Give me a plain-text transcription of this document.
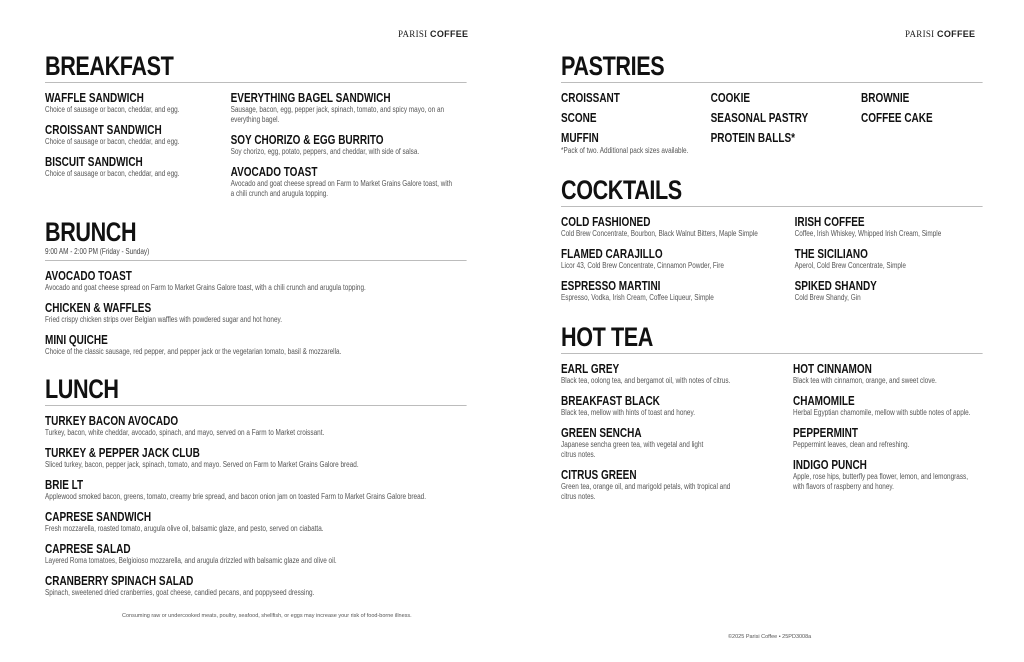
PARISI COFFEE	PARISI COFFEE
BREAKFAST
WAFFLE SANDWICH
Choice of sausage or bacon, cheddar, and egg.
CROISSANT SANDWICH
Choice of sausage or bacon, cheddar, and egg.
BISCUIT SANDWICH
Choice of sausage or bacon, cheddar, and egg.
EVERYTHING BAGEL SANDWICH
Sausage, bacon, egg, pepper jack, spinach, tomato, and spicy mayo, on an
everything bagel.
SOY CHORIZO & EGG BURRITO
Soy chorizo, egg, potato, peppers, and cheddar, with side of salsa.
AVOCADO TOAST
Avocado and goat cheese spread on Farm to Market Grains Galore toast, with
a chili crunch and arugula topping.
BRUNCH
9:00 AM - 2:00 PM (Friday - Sunday)
AVOCADO TOAST
Avocado and goat cheese spread on Farm to Market Grains Galore toast, with a chili crunch and arugula topping.
CHICKEN & WAFFLES
Fried crispy chicken strips over Belgian waffles with powdered sugar and hot honey.
MINI QUICHE
Choice of the classic sausage, red pepper, and pepper jack or the vegetarian tomato, basil & mozzarella.
LUNCH
TURKEY BACON AVOCADO
Turkey, bacon, white cheddar, avocado, spinach, and mayo, served on a Farm to Market croissant.
TURKEY & PEPPER JACK CLUB
Sliced turkey, bacon, pepper jack, spinach, tomato, and mayo. Served on Farm to Market Grains Galore bread.
BRIE LT
Applewood smoked bacon, greens, tomato, creamy brie spread, and bacon onion jam on toasted Farm to Market Grains Galore bread.
CAPRESE SANDWICH
Fresh mozzarella, roasted tomato, arugula olive oil, balsamic glaze, and pesto, served on ciabatta.
CAPRESE SALAD
Layered Roma tomatoes, Belgioioso mozzarella, and arugula drizzled with balsamic glaze and olive oil.
CRANBERRY SPINACH SALAD
Spinach, sweetened dried cranberries, goat cheese, candied pecans, and poppyseed dressing.
Consuming raw or undercooked meats, poultry, seafood, shellfish, or eggs may increase your risk of food-borne illness.
PASTRIES
CROISSANT	COOKIE	BROWNIE
SCONE	SEASONAL PASTRY	COFFEE CAKE
MUFFIN	PROTEIN BALLS*
*Pack of two. Additional pack sizes available.
COCKTAILS
COLD FASHIONED
Cold Brew Concentrate, Bourbon, Black Walnut Bitters, Maple Simple
FLAMED CARAJILLO
Licor 43, Cold Brew Concentrate, Cinnamon Powder, Fire
ESPRESSO MARTINI
Espresso, Vodka, Irish Cream, Coffee Liqueur, Simple
IRISH COFFEE
Coffee, Irish Whiskey, Whipped Irish Cream, Simple
THE SICILIANO
Aperol, Cold Brew Concentrate, Simple
SPIKED SHANDY
Cold Brew Shandy, Gin
HOT TEA
EARL GREY
Black tea, oolong tea, and bergamot oil, with notes of citrus.
BREAKFAST BLACK
Black tea, mellow with hints of toast and honey.
GREEN SENCHA
Japanese sencha green tea, with vegetal and light
citrus notes.
CITRUS GREEN
Green tea, orange oil, and marigold petals, with tropical and
citrus notes.
HOT CINNAMON
Black tea with cinnamon, orange, and sweet clove.
CHAMOMILE
Herbal Egyptian chamomile, mellow with subtle notes of apple.
PEPPERMINT
Peppermint leaves, clean and refreshing.
INDIGO PUNCH
Apple, rose hips, butterfly pea flower, lemon, and lemongrass,
with flavors of raspberry and honey.
©2025 Parisi Coffee • 25PD3008a
